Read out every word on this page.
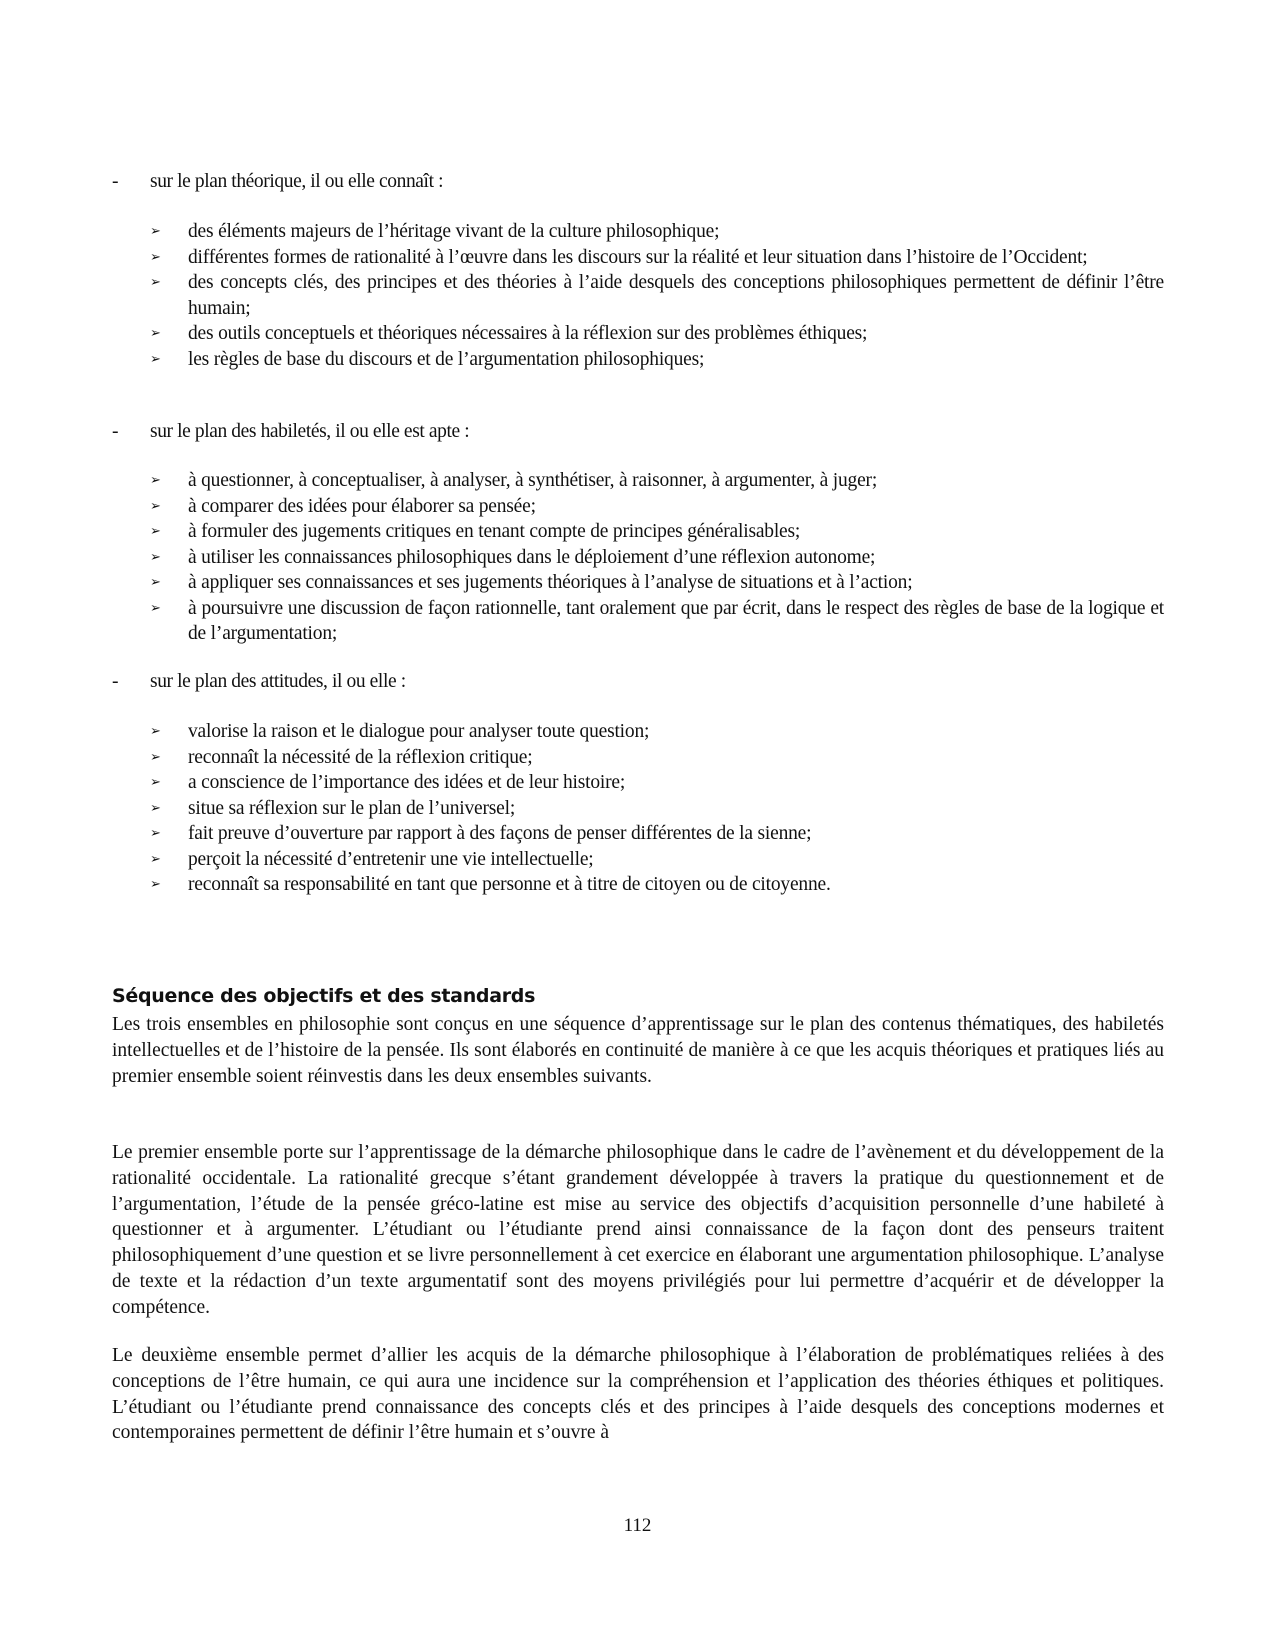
-	sur le plan théorique, il ou elle connaît :
➢ des éléments majeurs de l’héritage vivant de la culture philosophique;
➢ différentes formes de rationalité à l’œuvre dans les discours sur la réalité et leur situation dans l’histoire de l’Occident;
➢ des concepts clés, des principes et des théories à l’aide desquels des conceptions philosophiques permettent de définir l’être humain;
➢ des outils conceptuels et théoriques nécessaires à la réflexion sur des problèmes éthiques;
➢ les règles de base du discours et de l’argumentation philosophiques;
-	sur le plan des habiletés, il ou elle est apte :
➢ à questionner, à conceptualiser, à analyser, à synthétiser, à raisonner, à argumenter, à juger;
➢ à comparer des idées pour élaborer sa pensée;
➢ à formuler des jugements critiques en tenant compte de principes généralisables;
➢ à utiliser les connaissances philosophiques dans le déploiement d’une réflexion autonome;
➢ à appliquer ses connaissances et ses jugements théoriques à l’analyse de situations et à l’action;
➢ à poursuivre une discussion de façon rationnelle, tant oralement que par écrit, dans le respect des règles de base de la logique et de l’argumentation;
-	sur le plan des attitudes, il ou elle :
➢ valorise la raison et le dialogue pour analyser toute question;
➢ reconnaît la nécessité de la réflexion critique;
➢ a conscience de l’importance des idées et de leur histoire;
➢ situe sa réflexion sur le plan de l’universel;
➢ fait preuve d’ouverture par rapport à des façons de penser différentes de la sienne;
➢ perçoit la nécessité d’entretenir une vie intellectuelle;
➢ reconnaît sa responsabilité en tant que personne et à titre de citoyen ou de citoyenne.
Séquence des objectifs et des standards

Les trois ensembles en philosophie sont conçus en une séquence d’apprentissage sur le plan des contenus thématiques, des habiletés intellectuelles et de l’histoire de la pensée. Ils sont élaborés en continuité de manière à ce que les acquis théoriques et pratiques liés au premier ensemble soient réinvestis dans les deux ensembles suivants.

Le premier ensemble porte sur l’apprentissage de la démarche philosophique dans le cadre de l’avènement et du développement de la rationalité occidentale. La rationalité grecque s’étant grandement développée à travers la pratique du questionnement et de l’argumentation, l’étude de la pensée gréco-latine est mise au service des objectifs d’acquisition personnelle d’une habileté à questionner et à argumenter. L’étudiant ou l’étudiante prend ainsi connaissance de la façon dont des penseurs traitent philosophiquement d’une question et se livre personnellement à cet exercice en élaborant une argumentation philosophique. L’analyse de texte et la rédaction d’un texte argumentatif sont des moyens privilégiés pour lui permettre d’acquérir et de développer la compétence.

Le deuxième ensemble permet d’allier les acquis de la démarche philosophique à l’élaboration de problématiques reliées à des conceptions de l’être humain, ce qui aura une incidence sur la compréhension et l’application des théories éthiques et politiques. L’étudiant ou l’étudiante prend connaissance des concepts clés et des principes à l’aide desquels des conceptions modernes et contemporaines permettent de définir l’être humain et s’ouvre à

112
